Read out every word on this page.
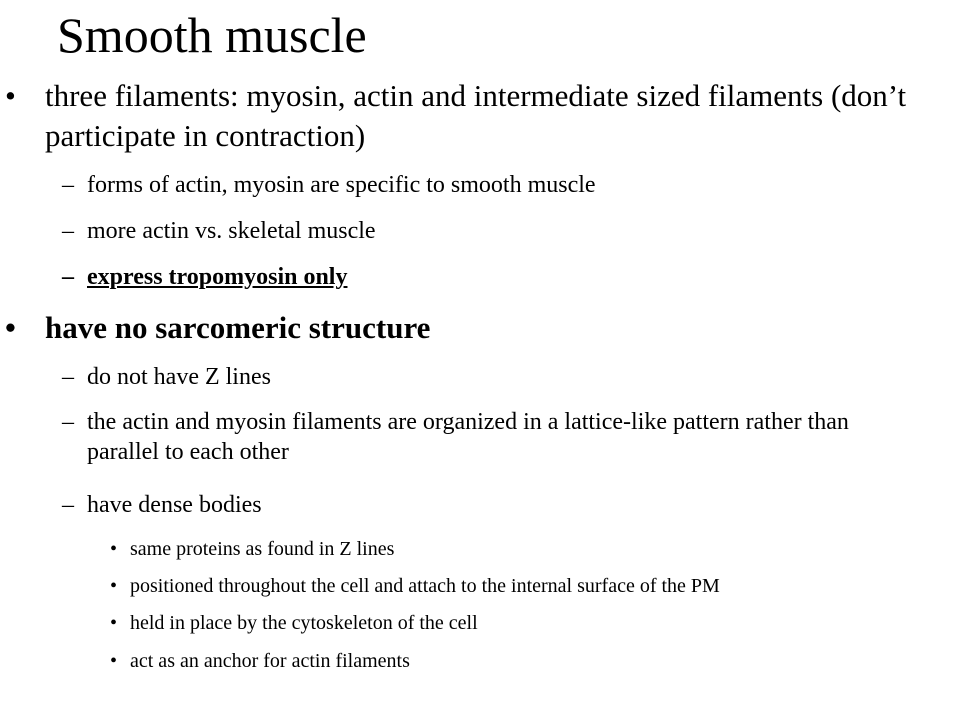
Smooth muscle
• three filaments: myosin, actin and intermediate sized filaments (don’t participate in contraction)
– forms of actin, myosin are specific to smooth muscle
– more actin vs. skeletal muscle
– express tropomyosin only
• have no sarcomeric structure
– do not have Z lines
– the actin and myosin filaments are organized in a lattice-like pattern rather than parallel to each other
– have dense bodies
• same proteins as found in Z lines
• positioned throughout the cell and attach to the internal surface of the PM
• held in place by the cytoskeleton of the cell
• act as an anchor for actin filaments
